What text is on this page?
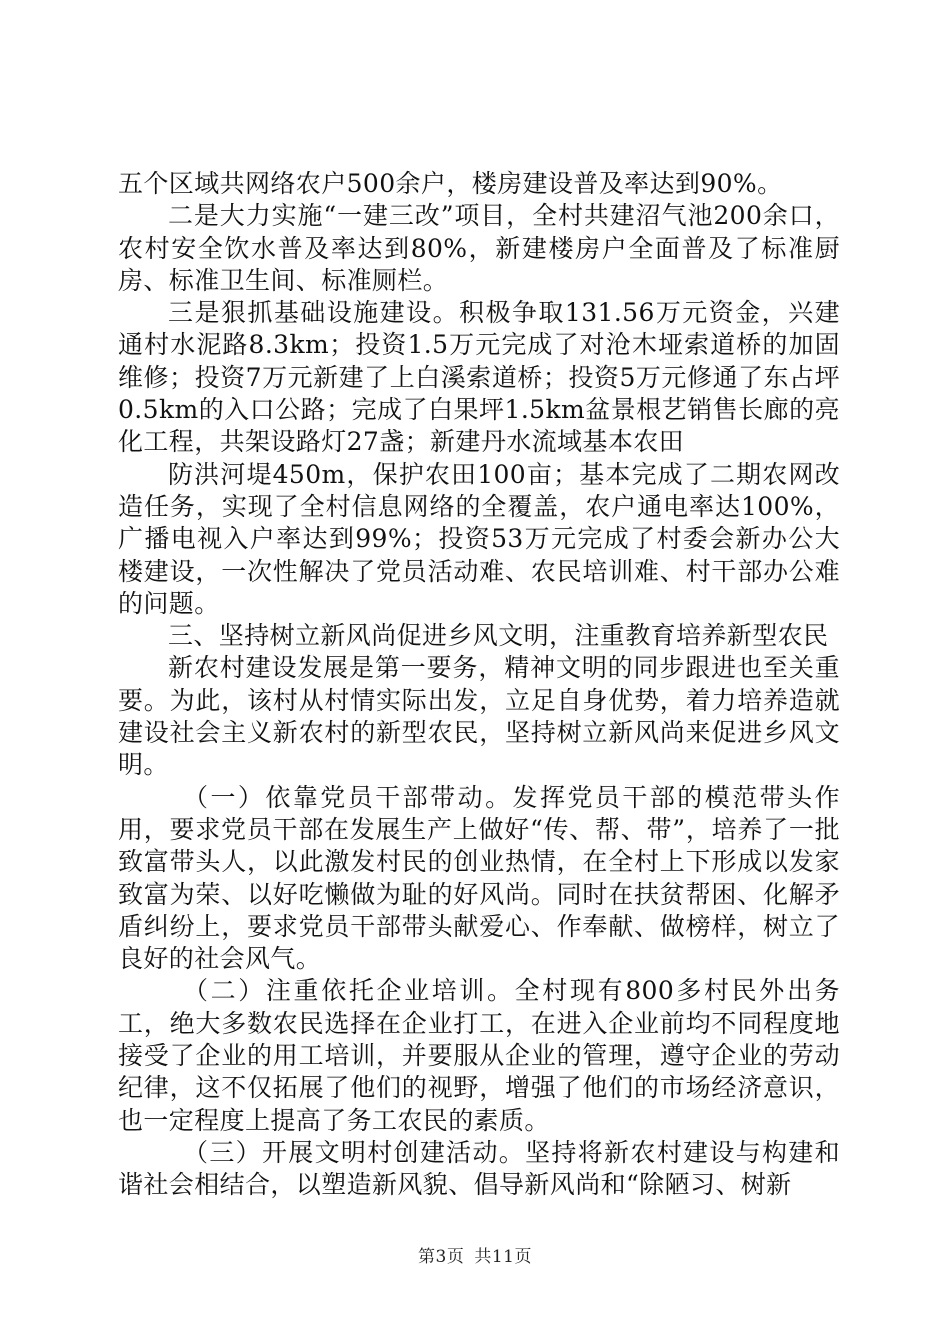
五个区域共网络农户500余户，楼房建设普及率达到90%。

二是大力实施“一建三改”项目，全村共建沼气池200余口，农村安全饮水普及率达到80%，新建楼房户全面普及了标准厨房、标准卫生间、标准厕栏。

三是狠抓基础设施建设。积极争取131.56万元资金，兴建通村水泥路8.3km；投资1.5万元完成了对沧木垭索道桥的加固维修；投资7万元新建了上白溪索道桥；投资5万元修通了东占坪0.5km的入口公路；完成了白果坪1.5km盆景根艺销售长廊的亮化工程，共架设路灯27盏；新建丹水流域基本农田

防洪河堤450m，保护农田100亩；基本完成了二期农网改造任务，实现了全村信息网络的全覆盖，农户通电率达100%，广播电视入户率达到99%；投资53万元完成了村委会新办公大楼建设，一次性解决了党员活动难、农民培训难、村干部办公难的问题。

三、坚持树立新风尚促进乡风文明，注重教育培养新型农民

新农村建设发展是第一要务，精神文明的同步跟进也至关重要。为此，该村从村情实际出发，立足自身优势，着力培养造就建设社会主义新农村的新型农民，坚持树立新风尚来促进乡风文明。

（一）依靠党员干部带动。发挥党员干部的模范带头作用，要求党员干部在发展生产上做好“传、帮、带”，培养了一批致富带头人，以此激发村民的创业热情，在全村上下形成以发家致富为荣、以好吃懒做为耻的好风尚。同时在扶贫帮困、化解矛盾纠纷上，要求党员干部带头献爱心、作奉献、做榜样，树立了良好的社会风气。

（二）注重依托企业培训。全村现有800多村民外出务工，绝大多数农民选择在企业打工，在进入企业前均不同程度地接受了企业的用工培训，并要服从企业的管理，遵守企业的劳动纪律，这不仅拓展了他们的视野，增强了他们的市场经济意识，也一定程度上提高了务工农民的素质。

（三）开展文明村创建活动。坚持将新农村建设与构建和谐社会相结合，以塑造新风貌、倡导新风尚和“除陋习、树新

第3页 共11页
